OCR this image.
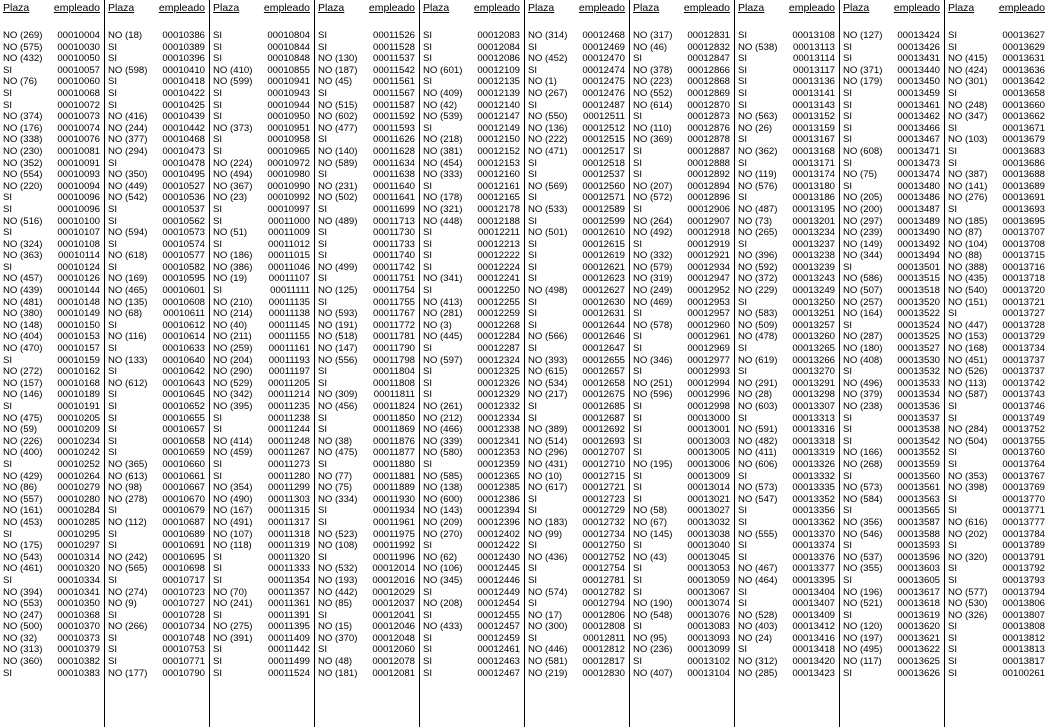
Plaza empleado
NO (269) 00010004
NO (575) 00010030
NO (432) 00010050
SI	00010057
NO (76) 00010060
SI	00010068
SI	00010072
NO (374) 00010073
NO (176) 00010074
NO (338) 00010076
NO (230) 00010081
NO (352) 00010091
NO (554) 00010093
NO (220) 00010094
SI	00010096
SI	00010096
NO (516) 00010100
SI	00010107
NO (324) 00010108
NO (363) 00010114
SI	00010124
NO (457) 00010126
NO (439) 00010144
NO (481) 00010148
NO (380) 00010149
NO (148) 00010150
NO (404) 00010153
NO (470) 00010157
SI	00010159
NO (272) 00010162
NO (157) 00010168
NO (146) 00010189
SI	00010191
NO (475) 00010205
NO (59) 00010209
NO (226) 00010234
NO (400) 00010242
SI	00010252
NO (429) 00010264
NO (86) 00010279
NO (557) 00010280
NO (161) 00010284
NO (453) 00010285
SI	00010295
NO (175) 00010297
NO (543) 00010314
NO (461) 00010320
SI	00010334
NO (394) 00010341
NO (553) 00010350
NO (247) 00010368
NO (500) 00010370
NO (32) 00010373
NO (313) 00010379
NO (360) 00010382
SI	00010383
Plaza empleado
NO (18) 00010386
SI	00010389
SI	00010396
NO (598) 00010410
SI	00010418
SI	00010422
SI	00010425
NO (416) 00010439
NO (244) 00010442
NO (377) 00010468
NO (294) 00010473
SI	00010478
NO (350) 00010495
NO (449) 00010527
NO (542) 00010536
SI	00010537
SI	00010562
NO (594) 00010573
SI	00010574
NO (618) 00010577
SI	00010582
NO (169) 00010595
NO (465) 00010601
NO (135) 00010608
NO (68) 00010611
SI	00010612
NO (116) 00010614
SI	00010633
NO (133) 00010640
SI	00010642
NO (612) 00010643
SI	00010645
SI	00010652
SI	00010655
SI	00010657
SI	00010658
SI	00010659
NO (365) 00010660
NO (613) 00010661
NO (98) 00010667
NO (278) 00010670
SI	00010679
NO (112) 00010687
SI	00010689
SI	00010691
NO (242) 00010695
NO (565) 00010698
SI	00010717
NO (274) 00010723
NO (9)	00010727
SI	00010728
NO (266) 00010734
SI	00010748
SI	00010753
SI	00010771
NO (177) 00010790
Plaza empleado
SI	00010804
SI	00010844
SI	00010848
NO (410) 00010855
NO (599) 00010941
SI	00010943
SI	00010944
SI	00010950
NO (373) 00010951
SI	00010958
SI	00010965
NO (224) 00010972
NO (494) 00010980
NO (367) 00010990
NO (23) 00010992
SI	00010997
SI	00011000
NO (51) 00011009
SI	00011012
NO (186) 00011015
NO (386) 00011046
NO (19) 00011107
SI	00011111
NO (210) 00011135
NO (214) 00011138
NO (40) 00011145
NO (211) 00011155
NO (259) 00011161
NO (204) 00011193
NO (290) 00011197
NO (529) 00011205
NO (342) 00011214
NO (395) 00011235
SI	00011238
SI	00011244
NO (414) 00011248
NO (459) 00011267
SI	00011273
SI	00011280
NO (354) 00011299
NO (490) 00011303
NO (167) 00011315
NO (491) 00011317
NO (107) 00011318
NO (118) 00011319
SI	00011320
SI	00011333
SI	00011354
NO (70) 00011357
NO (241) 00011361
SI	00011391
NO (275) 00011395
NO (391) 00011409
SI	00011442
SI	00011499
SI	00011524
Plaza empleado
SI	00011526
SI	00011528
NO (130) 00011537
NO (187) 00011542
NO (45) 00011561
SI	00011567
NO (515) 00011587
NO (602) 00011592
NO (477) 00011593
SI	00011626
NO (140) 00011628
NO (589) 00011634
SI	00011638
NO (231) 00011640
NO (502) 00011641
SI	00011699
NO (489) 00011713
SI	00011730
SI	00011733
SI	00011740
NO (499) 00011742
SI	00011751
NO (125) 00011754
SI	00011755
NO (593) 00011767
NO (191) 00011772
NO (518) 00011781
NO (147) 00011790
NO (556) 00011798
SI	00011804
SI	00011808
NO (309) 00011811
NO (456) 00011824
SI	00011850
SI	00011869
NO (38) 00011876
NO (475) 00011877
SI	00011880
NO (77) 00011881
NO (75) 00011889
NO (334) 00011930
SI	00011934
SI	00011961
NO (523) 00011975
NO (108) 00011992
SI	00011996
NO (532) 00012014
NO (193) 00012016
NO (442) 00012029
NO (85) 00012037
SI	00012041
NO (15) 00012046
NO (370) 00012048
SI	00012060
NO (48) 00012078
NO (181) 00012081
Plaza empleado
SI	00012083
SI	00012084
SI	00012086
NO (601) 00012109
SI	00012135
NO (409) 00012139
NO (42) 00012140
NO (539) 00012147
SI	00012149
NO (218) 00012150
NO (381) 00012152
NO (454) 00012153
NO (333) 00012160
SI	00012161
NO (178) 00012165
NO (321) 00012178
NO (448) 00012188
SI	00012211
SI	00012213
SI	00012222
SI	00012224
NO (341) 00012241
SI	00012250
NO (413) 00012255
NO (281) 00012259
NO (3)	00012268
NO (445) 00012284
SI	00012287
NO (597) 00012324
SI	00012325
SI	00012326
SI	00012329
NO (261) 00012332
NO (212) 00012334
NO (466) 00012338
NO (339) 00012341
NO (580) 00012353
SI	00012359
NO (585) 00012365
NO (138) 00012385
NO (600) 00012386
NO (143) 00012394
NO (209) 00012396
NO (270) 00012402
SI	00012422
NO (62) 00012430
NO (106) 00012445
NO (345) 00012446
SI	00012449
NO (208) 00012454
SI	00012455
NO (433) 00012457
SI	00012459
SI	00012461
SI	00012463
SI	00012467
Plaza empleado
NO (314) 00012468
SI	00012469
NO (452) 00012470
SI	00012474
NO (1)	00012475
NO (267) 00012476
SI	00012487
NO (550) 00012511
NO (136) 00012512
NO (222) 00012515
NO (471) 00012517
SI	00012518
SI	00012537
NO (569) 00012560
SI	00012571
NO (533) 00012589
SI	00012599
NO (501) 00012610
SI	00012615
SI	00012619
SI	00012621
SI	00012623
NO (498) 00012627
SI	00012630
SI	00012631
SI	00012644
NO (566) 00012646
SI	00012647
NO (393) 00012655
NO (615) 00012657
NO (534) 00012658
NO (217) 00012675
SI	00012685
SI	00012687
NO (389) 00012692
NO (514) 00012693
NO (296) 00012707
NO (431) 00012710
NO (10) 00012715
NO (617) 00012721
SI	00012723
SI	00012729
NO (183) 00012732
NO (99) 00012734
SI	00012750
NO (436) 00012752
SI	00012754
SI	00012781
NO (574) 00012782
SI	00012794
NO (17) 00012806
NO (300) 00012808
SI	00012811
NO (446) 00012812
NO (581) 00012817
NO (219) 00012830
Plaza empleado
NO (317) 00012831
NO (46) 00012832
SI	00012847
NO (378) 00012866
NO (223) 00012868
NO (552) 00012869
NO (614) 00012870
SI	00012873
NO (110) 00012876
NO (369) 00012878
SI	00012887
SI	00012888
SI	00012892
NO (207) 00012894
NO (572) 00012896
SI	00012906
NO (264) 00012907
NO (492) 00012918
SI	00012919
NO (332) 00012921
NO (579) 00012934
NO (319) 00012947
NO (249) 00012952
NO (469) 00012953
SI	00012957
NO (578) 00012960
SI	00012961
SI	00012969
NO (346) 00012977
SI	00012993
NO (251) 00012994
NO (596) 00012996
SI	00012998
SI	00013000
SI	00013001
SI	00013003
SI	00013005
NO (195) 00013006
SI	00013009
SI	00013014
SI	00013021
NO (58) 00013027
NO (67) 00013032
NO (145) 00013038
SI	00013040
NO (43) 00013045
SI	00013053
SI	00013059
SI	00013067
NO (190) 00013074
NO (548) 00013076
SI	00013083
NO (95) 00013093
NO (236) 00013099
SI	00013102
NO (407) 00013104
Plaza empleado
SI	00013108
NO (538) 00013113
SI	00013114
SI	00013117
SI	00013136
SI	00013141
SI	00013143
NO (563) 00013152
NO (26) 00013159
SI	00013167
NO (362) 00013168
SI	00013171
NO (119) 00013174
NO (576) 00013180
SI	00013186
NO (487) 00013195
NO (73) 00013201
NO (265) 00013234
SI	00013237
NO (396) 00013238
NO (592) 00013239
NO (372) 00013243
NO (229) 00013249
SI	00013250
NO (583) 00013251
NO (509) 00013257
NO (478) 00013260
SI	00013265
NO (619) 00013266
SI	00013270
NO (291) 00013291
NO (28) 00013298
NO (603) 00013307
SI	00013313
NO (591) 00013316
NO (482) 00013318
NO (411) 00013319
NO (606) 00013326
SI	00013332
NO (573) 00013335
NO (547) 00013352
SI	00013356
SI	00013362
NO (555) 00013370
SI	00013374
SI	00013376
NO (467) 00013377
NO (464) 00013395
SI	00013404
SI	00013407
NO (528) 00013409
NO (403) 00013412
NO (24) 00013416
SI	00013418
NO (312) 00013420
NO (285) 00013423
Plaza empleado
NO (127) 00013424
SI	00013426
SI	00013431
NO (371) 00013440
NO (179) 00013450
SI	00013459
SI	00013461
SI	00013462
SI	00013466
SI	00013467
NO (608) 00013471
SI	00013473
NO (75) 00013474
SI	00013480
NO (205) 00013486
NO (200) 00013487
NO (297) 00013489
NO (239) 00013490
NO (149) 00013492
NO (344) 00013494
SI	00013501
NO (586) 00013515
NO (507) 00013518
NO (257) 00013520
NO (164) 00013522
SI	00013524
NO (287) 00013525
NO (180) 00013527
NO (408) 00013530
SI	00013532
NO (496) 00013533
NO (379) 00013534
NO (238) 00013536
SI	00013537
SI	00013538
SI	00013542
NO (166) 00013552
NO (268) 00013559
SI	00013560
NO (573) 00013561
NO (584) 00013563
SI	00013565
NO (356) 00013587
NO (546) 00013588
SI	00013593
NO (537) 00013596
NO (355) 00013603
SI	00013605
NO (196) 00013617
NO (521) 00013618
SI	00013619
NO (120) 00013620
NO (197) 00013621
NO (495) 00013622
NO (117) 00013625
SI	00013626
Plaza empleado
SI	00013627
SI	00013629
NO (415) 00013631
NO (424) 00013636
NO (301) 00013642
SI	00013658
NO (248) 00013660
NO (347) 00013662
SI	00013671
NO (103) 00013679
SI	00013683
SI	00013686
NO (387) 00013688
NO (141) 00013689
NO (276) 00013691
SI	00013693
NO (185) 00013695
NO (87) 00013707
NO (104) 00013708
NO (88) 00013715
NO (388) 00013716
NO (435) 00013718
NO (540) 00013720
NO (151) 00013721
SI	00013727
NO (447) 00013728
NO (153) 00013729
NO (168) 00013734
NO (451) 00013737
NO (526) 00013737
NO (113) 00013742
NO (587) 00013743
SI	00013746
SI	00013749
NO (284) 00013752
NO (504) 00013755
SI	00013760
SI	00013764
NO (353) 00013767
NO (398) 00013769
SI	00013770
SI	00013771
NO (616) 00013777
NO (202) 00013784
SI	00013789
NO (320) 00013791
SI	00013792
SI	00013793
NO (577) 00013794
NO (530) 00013806
NO (326) 00013807
SI	00013808
SI	00013812
SI	00013813
SI	00013817
SI	00100261
